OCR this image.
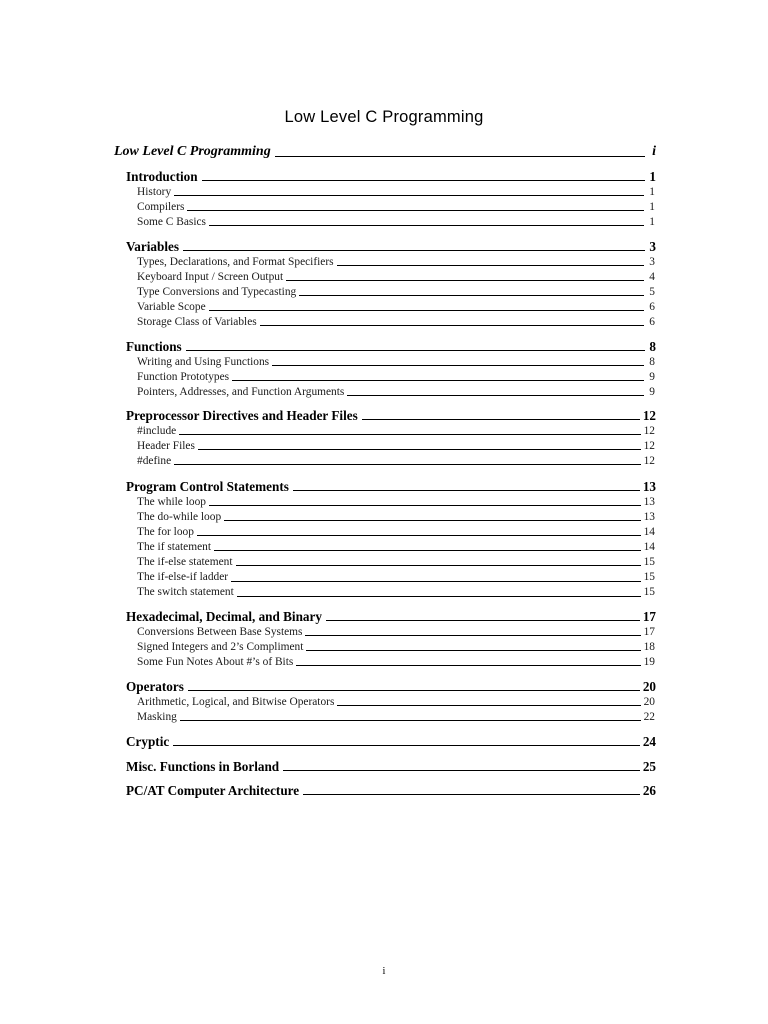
Low Level C Programming
Low Level C Programming	i
Introduction	1
History	1
Compilers	1
Some C Basics	1
Variables	3
Types, Declarations, and Format Specifiers	3
Keyboard Input / Screen Output	4
Type Conversions and Typecasting	5
Variable Scope	6
Storage Class of Variables	6
Functions	8
Writing and Using Functions	8
Function Prototypes	9
Pointers, Addresses, and Function Arguments	9
Preprocessor Directives and Header Files	12
#include	12
Header Files	12
#define	12
Program Control Statements	13
The while loop	13
The do-while loop	13
The for loop	14
The if statement	14
The if-else statement	15
The if-else-if ladder	15
The switch statement	15
Hexadecimal, Decimal, and Binary	17
Conversions Between Base Systems	17
Signed Integers and 2’s Compliment	18
Some Fun Notes About #’s of Bits	19
Operators	20
Arithmetic, Logical, and Bitwise Operators	20
Masking	22
Cryptic	24
Misc. Functions in Borland	25
PC/AT Computer Architecture	26
i
